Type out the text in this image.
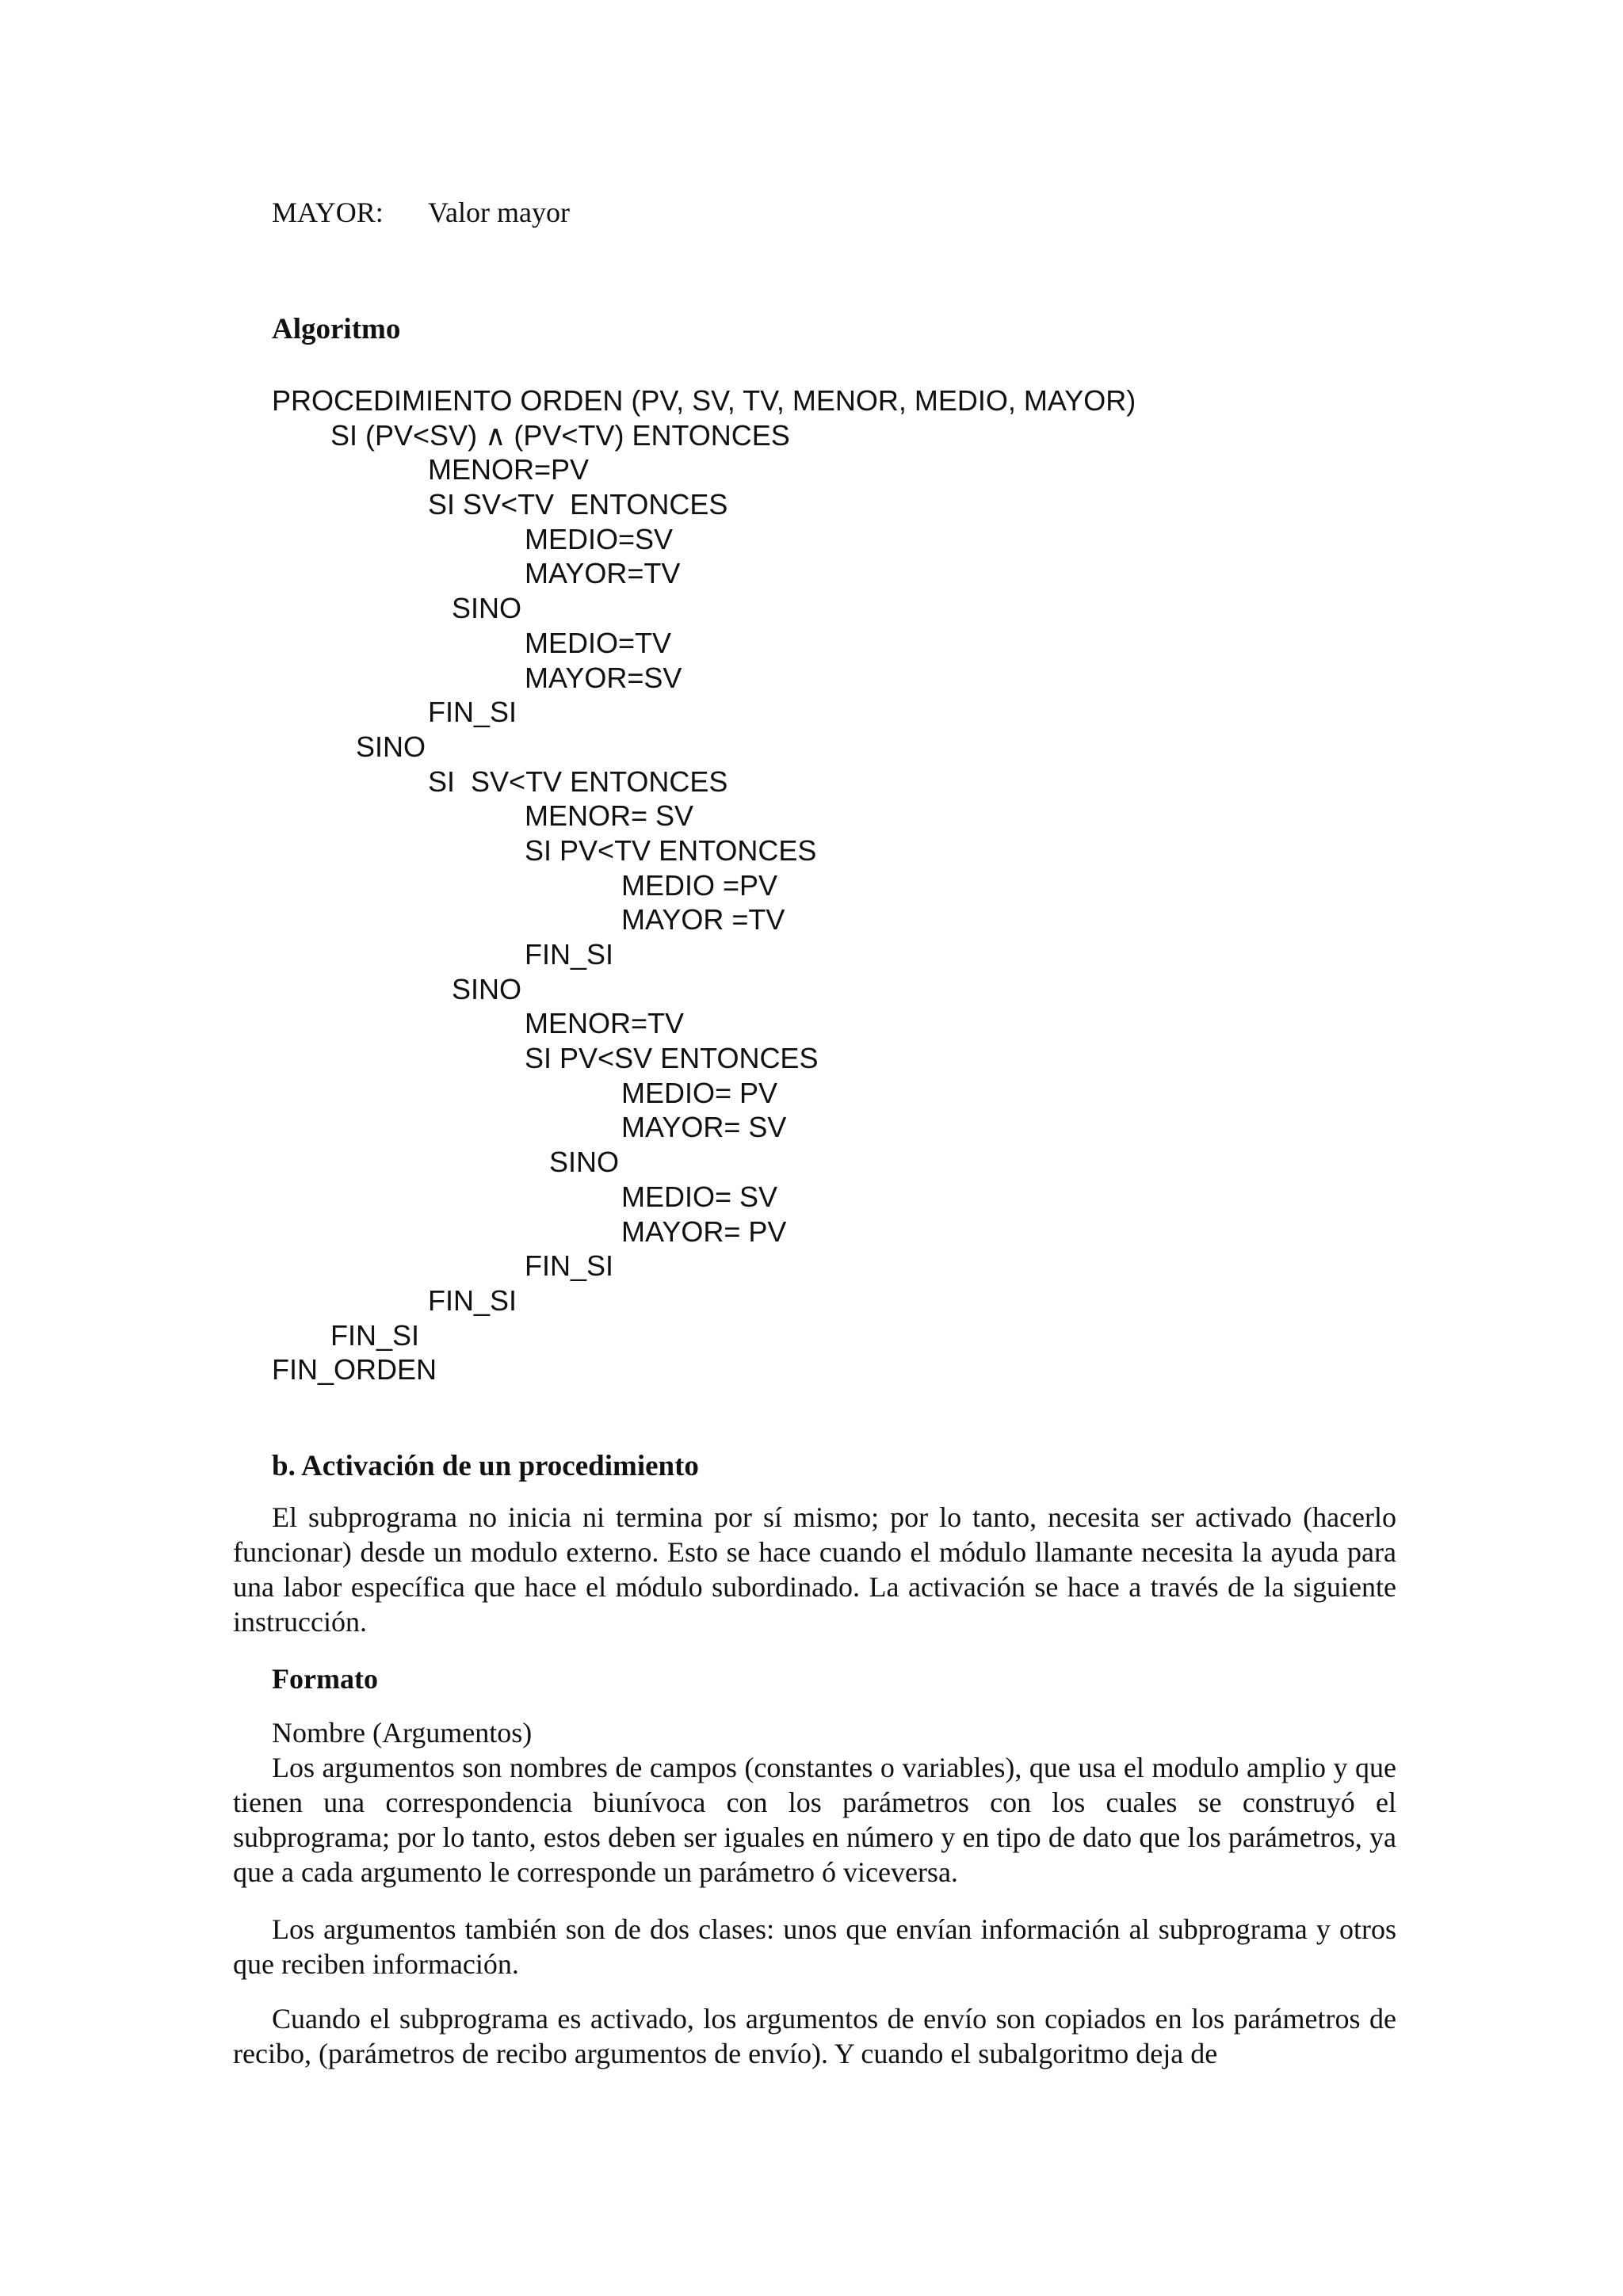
MAYOR: Valor mayor
Algoritmo
PROCEDIMIENTO ORDEN (PV, SV, TV, MENOR, MEDIO, MAYOR)
SI (PV<SV) ∧ (PV<TV) ENTONCES
MENOR=PV
SI SV<TV  ENTONCES
MEDIO=SV
MAYOR=TV
SINO
MEDIO=TV
MAYOR=SV
FIN_SI
SINO
SI  SV<TV ENTONCES
MENOR= SV
SI PV<TV ENTONCES
MEDIO =PV
MAYOR =TV
FIN_SI
SINO
MENOR=TV
SI PV<SV ENTONCES
MEDIO= PV
MAYOR= SV
SINO
MEDIO= SV
MAYOR= PV
FIN_SI
FIN_SI
FIN_SI
FIN_ORDEN
b. Activación de un procedimiento

El subprograma no inicia ni termina por sí mismo; por lo tanto, necesita ser activado (hacerlo funcionar) desde un modulo externo. Esto se hace cuando el módulo llamante necesita la ayuda para una labor específica que hace el módulo subordinado. La activación se hace a través de la siguiente instrucción.

Formato

Nombre (Argumentos)

Los argumentos son nombres de campos (constantes o variables), que usa el modulo amplio y que tienen una correspondencia biunívoca con los parámetros con los cuales se construyó el subprograma; por lo tanto, estos deben ser iguales en número y en tipo de dato que los parámetros, ya que a cada argumento le corresponde un parámetro ó viceversa.

Los argumentos también son de dos clases: unos que envían información al subprograma y otros que reciben información.

Cuando el subprograma es activado, los argumentos de envío son copiados en los parámetros de recibo, (parámetros de recibo argumentos de envío). Y cuando el subalgoritmo deja de
